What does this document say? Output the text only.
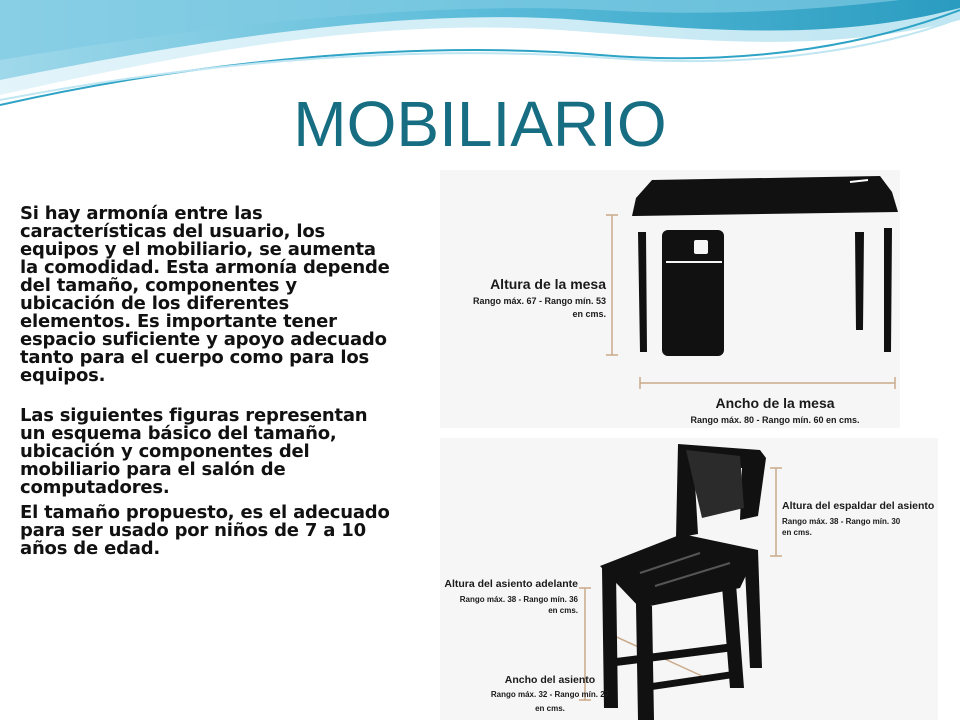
MOBILIARIO

Si hay armonía entre las características del usuario, los equipos y el mobiliario, se aumenta la comodidad. Esta armonía depende del tamaño, componentes y ubicación de los diferentes elementos. Es importante tener espacio suficiente y apoyo adecuado tanto para el cuerpo como para los equipos.

Las siguientes figuras representan un esquema básico del tamaño, ubicación y componentes del mobiliario para el salón de computadores.

El tamaño propuesto, es el adecuado para ser usado por niños de 7 a 10 años de edad.

Altura de la mesa
Rango máx. 67 - Rango mín. 53
en cms.
Ancho de la mesa
Rango máx. 80 - Rango mín. 60 en cms.
Altura del espaldar del asiento
Rango máx. 38 - Rango mín. 30
en cms.
Altura del asiento adelante
Rango máx. 38 - Rango mín. 36
en cms.
Ancho del asiento
Rango máx. 32 - Rango mín. 27
en cms.
